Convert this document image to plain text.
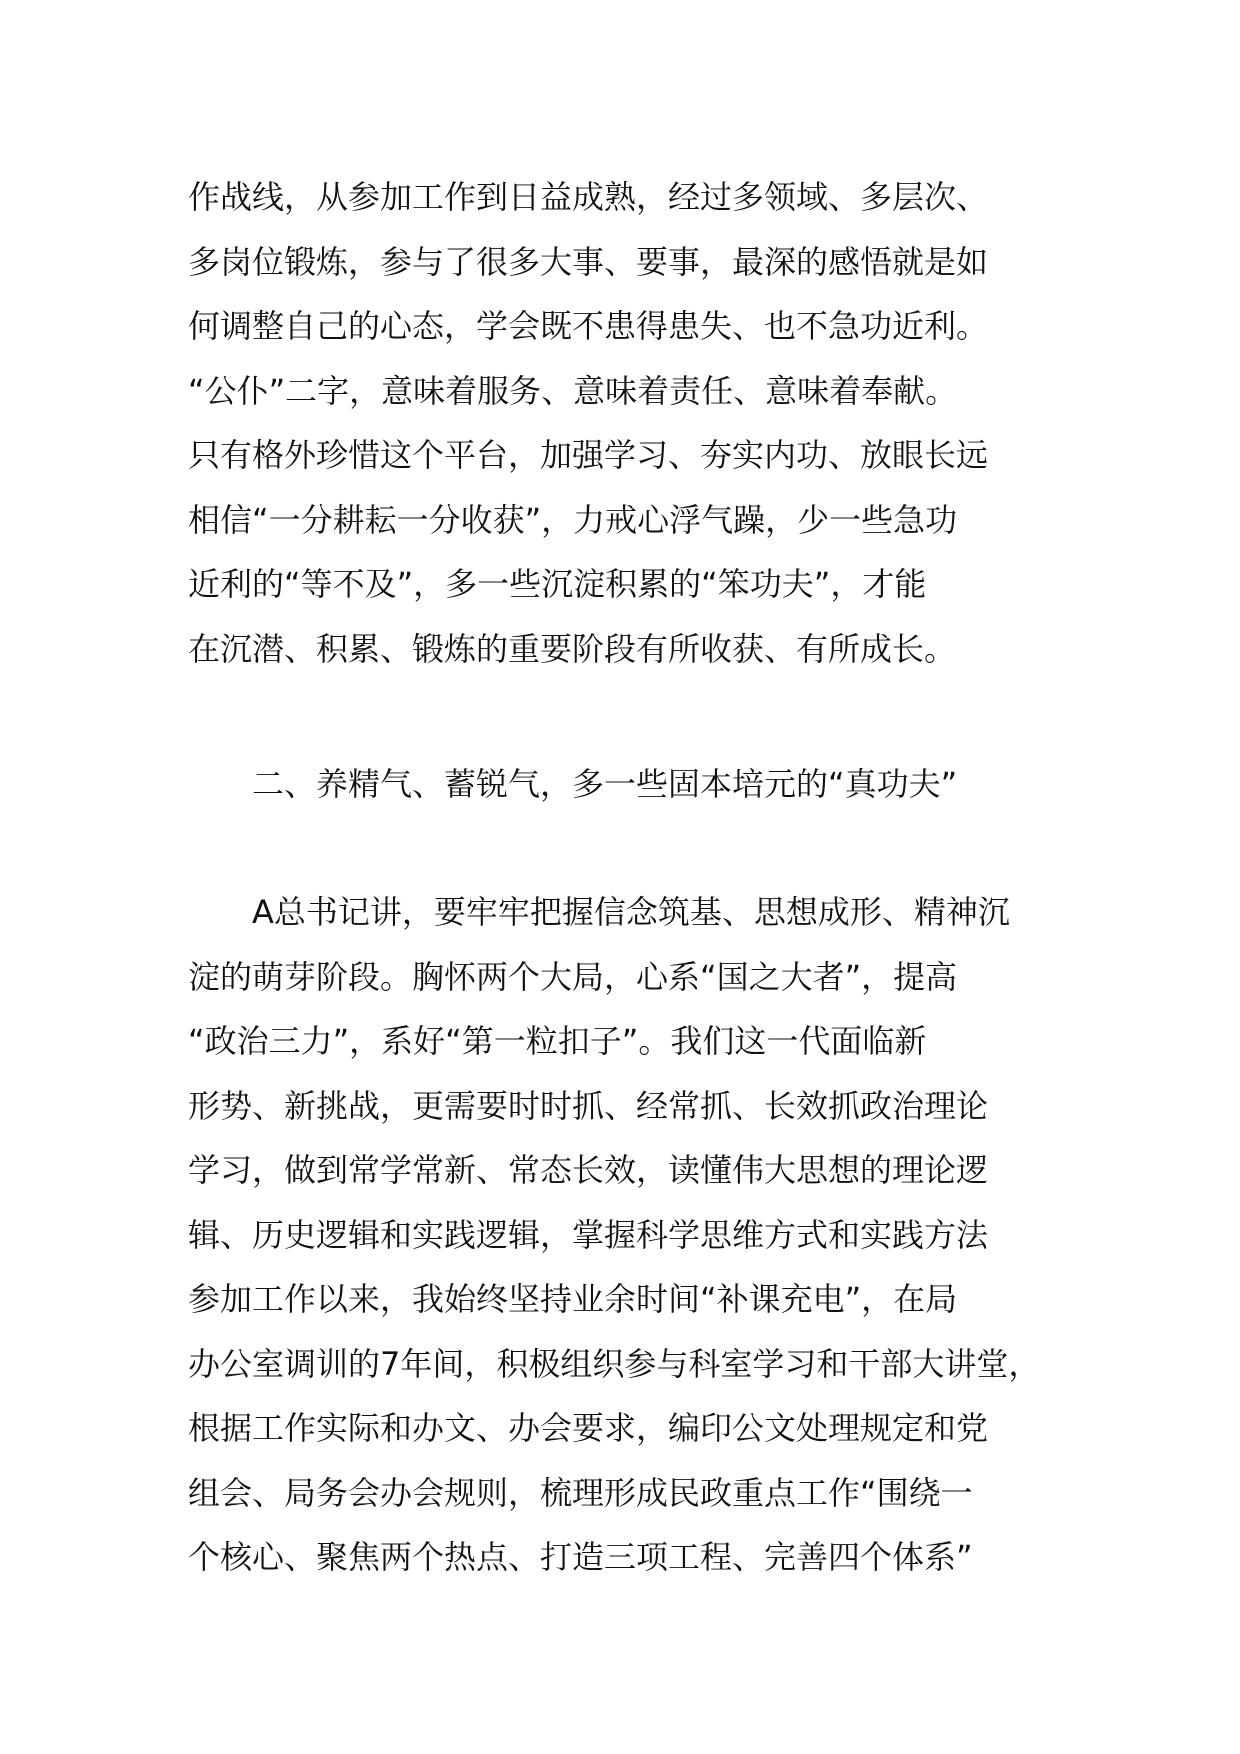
作战线，从参加工作到日益成熟，经过多领域、多层次、
多岗位锻炼，参与了很多大事、要事，最深的感悟就是如
何调整自己的心态，学会既不患得患失、也不急功近利。
“公仆”二字，意味着服务、意味着责任、意味着奉献。
只有格外珍惜这个平台，加强学习、夯实内功、放眼长远
相信“一分耕耘一分收获”，力戒心浮气躁，少一些急功
近利的“等不及”，多一些沉淀积累的“笨功夫”，才能
在沉潜、积累、锻炼的重要阶段有所收获、有所成长。
二、养精气、蓄锐气，多一些固本培元的“真功夫”
A总书记讲，要牢牢把握信念筑基、思想成形、精神沉
淀的萌芽阶段。胸怀两个大局，心系“国之大者”，提高
“政治三力”，系好“第一粒扣子”。我们这一代面临新
形势、新挑战，更需要时时抓、经常抓、长效抓政治理论
学习，做到常学常新、常态长效，读懂伟大思想的理论逻
辑、历史逻辑和实践逻辑，掌握科学思维方式和实践方法
参加工作以来，我始终坚持业余时间“补课充电”，在局
办公室调训的7年间，积极组织参与科室学习和干部大讲堂，
根据工作实际和办文、办会要求，编印公文处理规定和党
组会、局务会办会规则，梳理形成民政重点工作“围绕一
个核心、聚焦两个热点、打造三项工程、完善四个体系”
